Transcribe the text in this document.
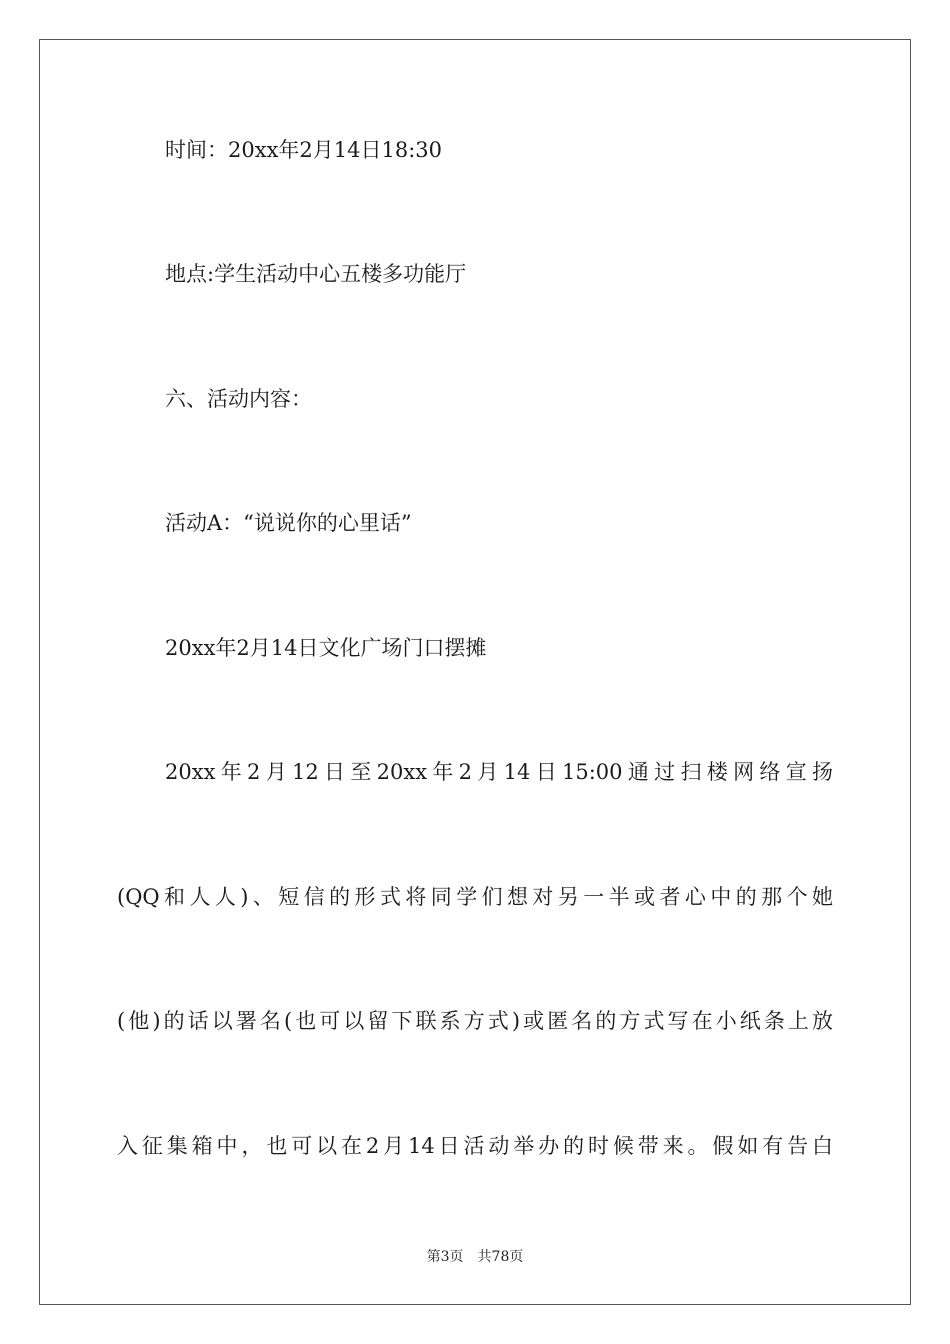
时间：20xx年2月14日18:30
地点:学生活动中心五楼多功能厅
六、活动内容：
活动A：“说说你的心里话”
20xx年2月14日文化广场门口摆摊
20xx年2月12日至20xx年2月14日15:00通过扫楼网络宣扬
(QQ和人人)、短信的形式将同学们想对另一半或者心中的那个她
(他)的话以署名(也可以留下联系方式)或匿名的方式写在小纸条上放
入征集箱中，也可以在2月14日活动举办的时候带来。假如有告白
第3页　共78页
